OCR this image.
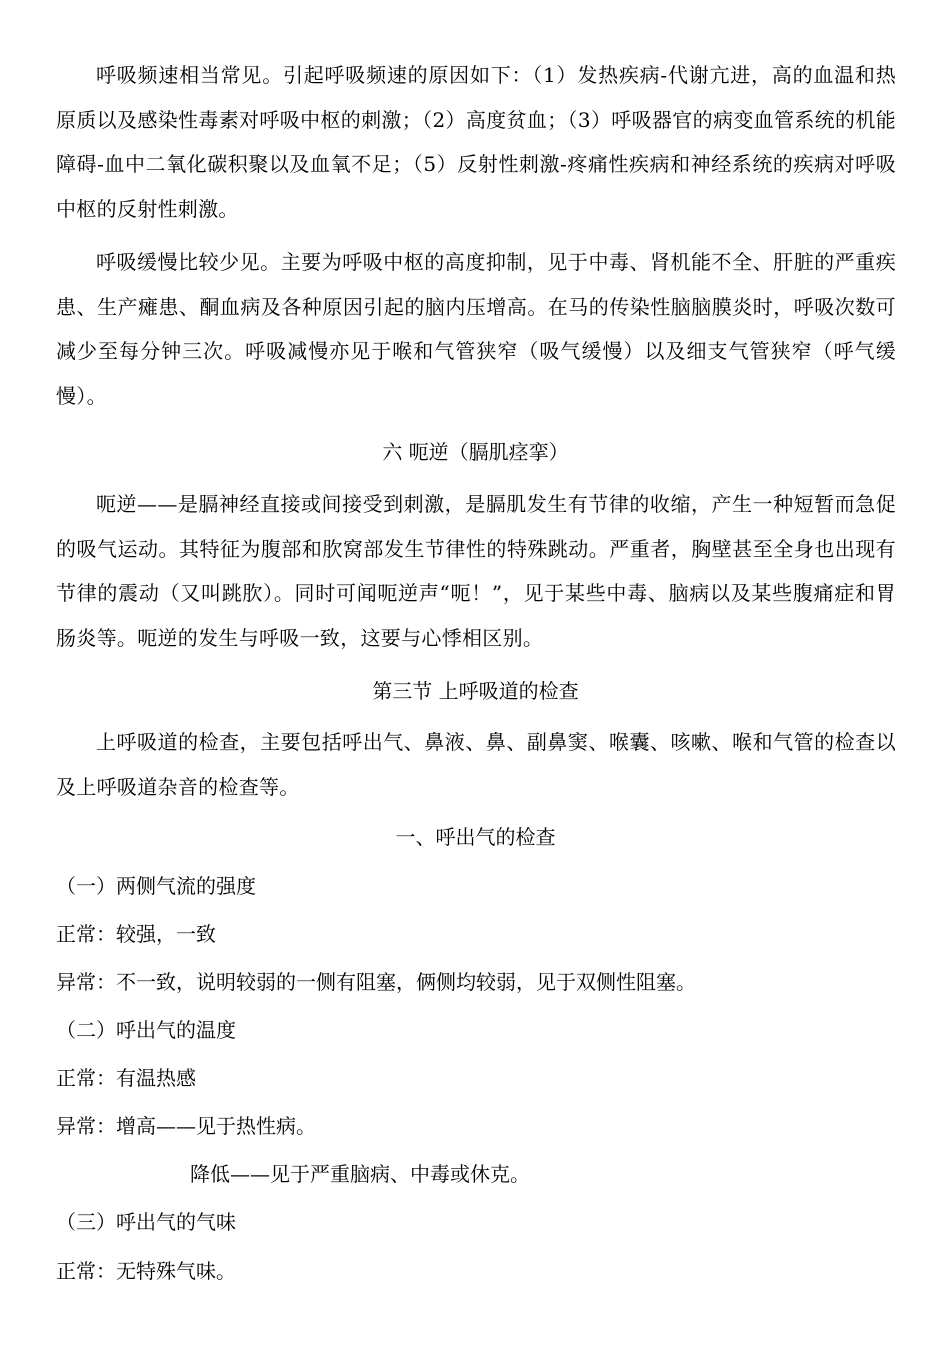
呼吸频速相当常见。引起呼吸频速的原因如下：（1）发热疾病-代谢亢进，高的血温和热原质以及感染性毒素对呼吸中枢的刺激；（2）高度贫血；（3）呼吸器官的病变血管系统的机能障碍-血中二氧化碳积聚以及血氧不足；（5）反射性刺激-疼痛性疾病和神经系统的疾病对呼吸中枢的反射性刺激。

呼吸缓慢比较少见。主要为呼吸中枢的高度抑制，见于中毒、肾机能不全、肝脏的严重疾患、生产瘫患、酮血病及各种原因引起的脑内压增高。在马的传染性脑脑膜炎时，呼吸次数可减少至每分钟三次。呼吸减慢亦见于喉和气管狭窄（吸气缓慢）以及细支气管狭窄（呼气缓慢）。

六 呃逆（膈肌痉挛）

呃逆——是膈神经直接或间接受到刺激，是膈肌发生有节律的收缩，产生一种短暂而急促的吸气运动。其特征为腹部和肷窝部发生节律性的特殊跳动。严重者，胸壁甚至全身也出现有节律的震动（又叫跳肷）。同时可闻呃逆声“呃！”，见于某些中毒、脑病以及某些腹痛症和胃肠炎等。呃逆的发生与呼吸一致，这要与心悸相区别。

第三节 上呼吸道的检查

上呼吸道的检查，主要包括呼出气、鼻液、鼻、副鼻窦、喉囊、咳嗽、喉和气管的检查以及上呼吸道杂音的检查等。

一、呼出气的检查

（一）两侧气流的强度

正常：较强，一致

异常：不一致，说明较弱的一侧有阻塞，俩侧均较弱，见于双侧性阻塞。

（二）呼出气的温度

正常：有温热感

异常：增高——见于热性病。

降低——见于严重脑病、中毒或休克。

（三）呼出气的气味

正常：无特殊气味。
